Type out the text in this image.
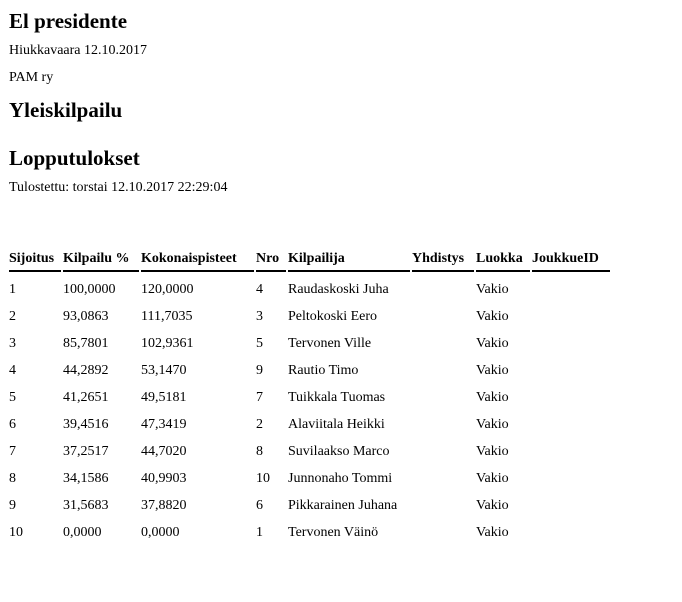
El presidente
Hiukkavaara 12.10.2017
PAM ry
Yleiskilpailu
Lopputulokset
Tulostettu: torstai 12.10.2017 22:29:04
Sijoitus	Kilpailu %	Kokonaispisteet	Nro	Kilpailija	Yhdistys	Luokka	JoukkueID

1	100,0000	120,0000	4	Raudaskoski Juha		Vakio	
2	93,0863	111,7035	3	Peltokoski Eero		Vakio	
3	85,7801	102,9361	5	Tervonen Ville		Vakio	
4	44,2892	53,1470	9	Rautio Timo		Vakio	
5	41,2651	49,5181	7	Tuikkala Tuomas		Vakio	
6	39,4516	47,3419	2	Alaviitala Heikki		Vakio	
7	37,2517	44,7020	8	Suvilaakso Marco		Vakio	
8	34,1586	40,9903	10	Junnonaho Tommi		Vakio	
9	31,5683	37,8820	6	Pikkarainen Juhana		Vakio	
10	0,0000	0,0000	1	Tervonen Väinö		Vakio	
